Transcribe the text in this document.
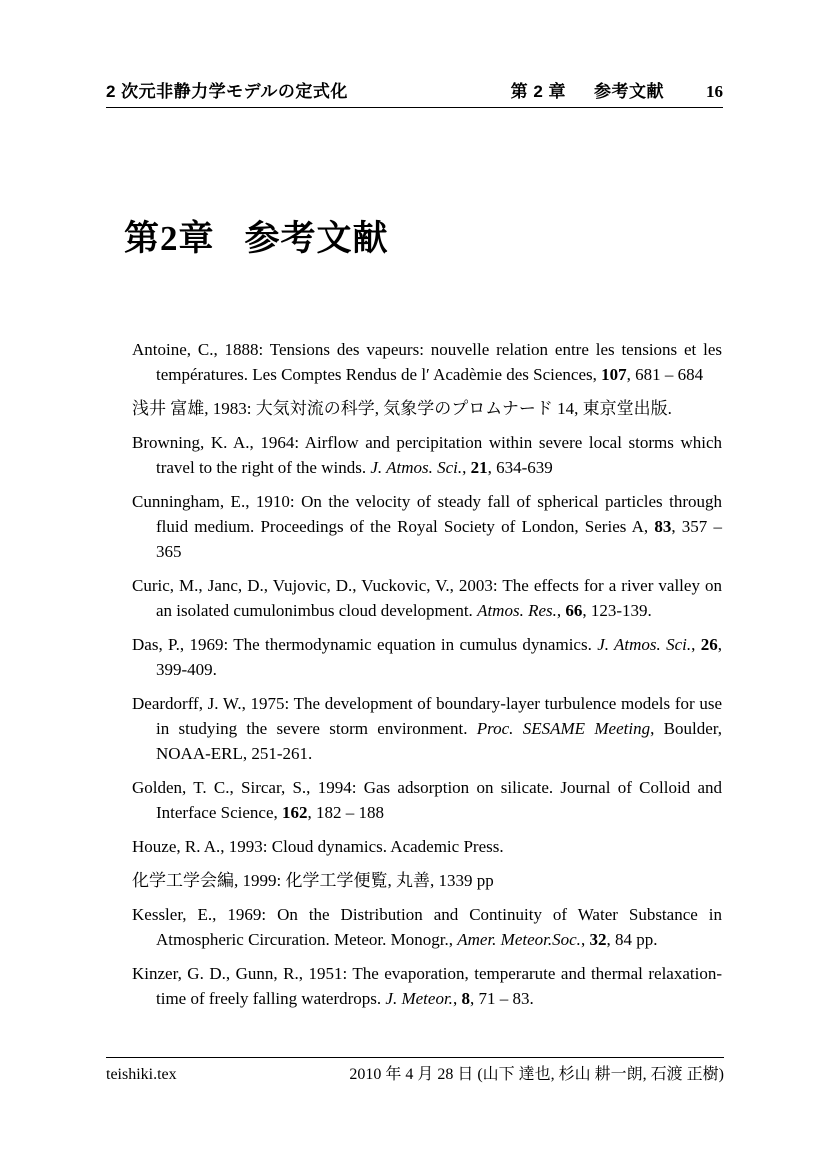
2 次元非静力学モデルの定式化	第 2 章 参考文献 16
第2章 参考文献

Antoine, C., 1888: Tensions des vapeurs: nouvelle relation entre les tensions et les températures. Les Comptes Rendus de l′ Acadèmie des Sciences, 107, 681 – 684

浅井 富雄, 1983: 大気対流の科学, 気象学のプロムナード 14, 東京堂出版.

Browning, K. A., 1964: Airflow and percipitation within severe local storms which travel to the right of the winds. J. Atmos. Sci., 21, 634-639

Cunningham, E., 1910: On the velocity of steady fall of spherical particles through fluid medium. Proceedings of the Royal Society of London, Series A, 83, 357 – 365

Curic, M., Janc, D., Vujovic, D., Vuckovic, V., 2003: The effects for a river valley on an isolated cumulonimbus cloud development. Atmos. Res., 66, 123-139.

Das, P., 1969: The thermodynamic equation in cumulus dynamics. J. Atmos. Sci., 26, 399-409.

Deardorff, J. W., 1975: The development of boundary-layer turbulence models for use in studying the severe storm environment. Proc. SESAME Meeting, Boulder, NOAA-ERL, 251-261.

Golden, T. C., Sircar, S., 1994: Gas adsorption on silicate. Journal of Colloid and Interface Science, 162, 182 – 188

Houze, R. A., 1993: Cloud dynamics. Academic Press.

化学工学会編, 1999: 化学工学便覧, 丸善, 1339 pp

Kessler, E., 1969: On the Distribution and Continuity of Water Substance in Atmospheric Circuration. Meteor. Monogr., Amer. Meteor.Soc., 32, 84 pp.

Kinzer, G. D., Gunn, R., 1951: The evaporation, temperarute and thermal relaxation-time of freely falling waterdrops. J. Meteor., 8, 71 – 83.

teishiki.tex	2010 年 4 月 28 日 (山下 達也, 杉山 耕一朗, 石渡 正樹)
